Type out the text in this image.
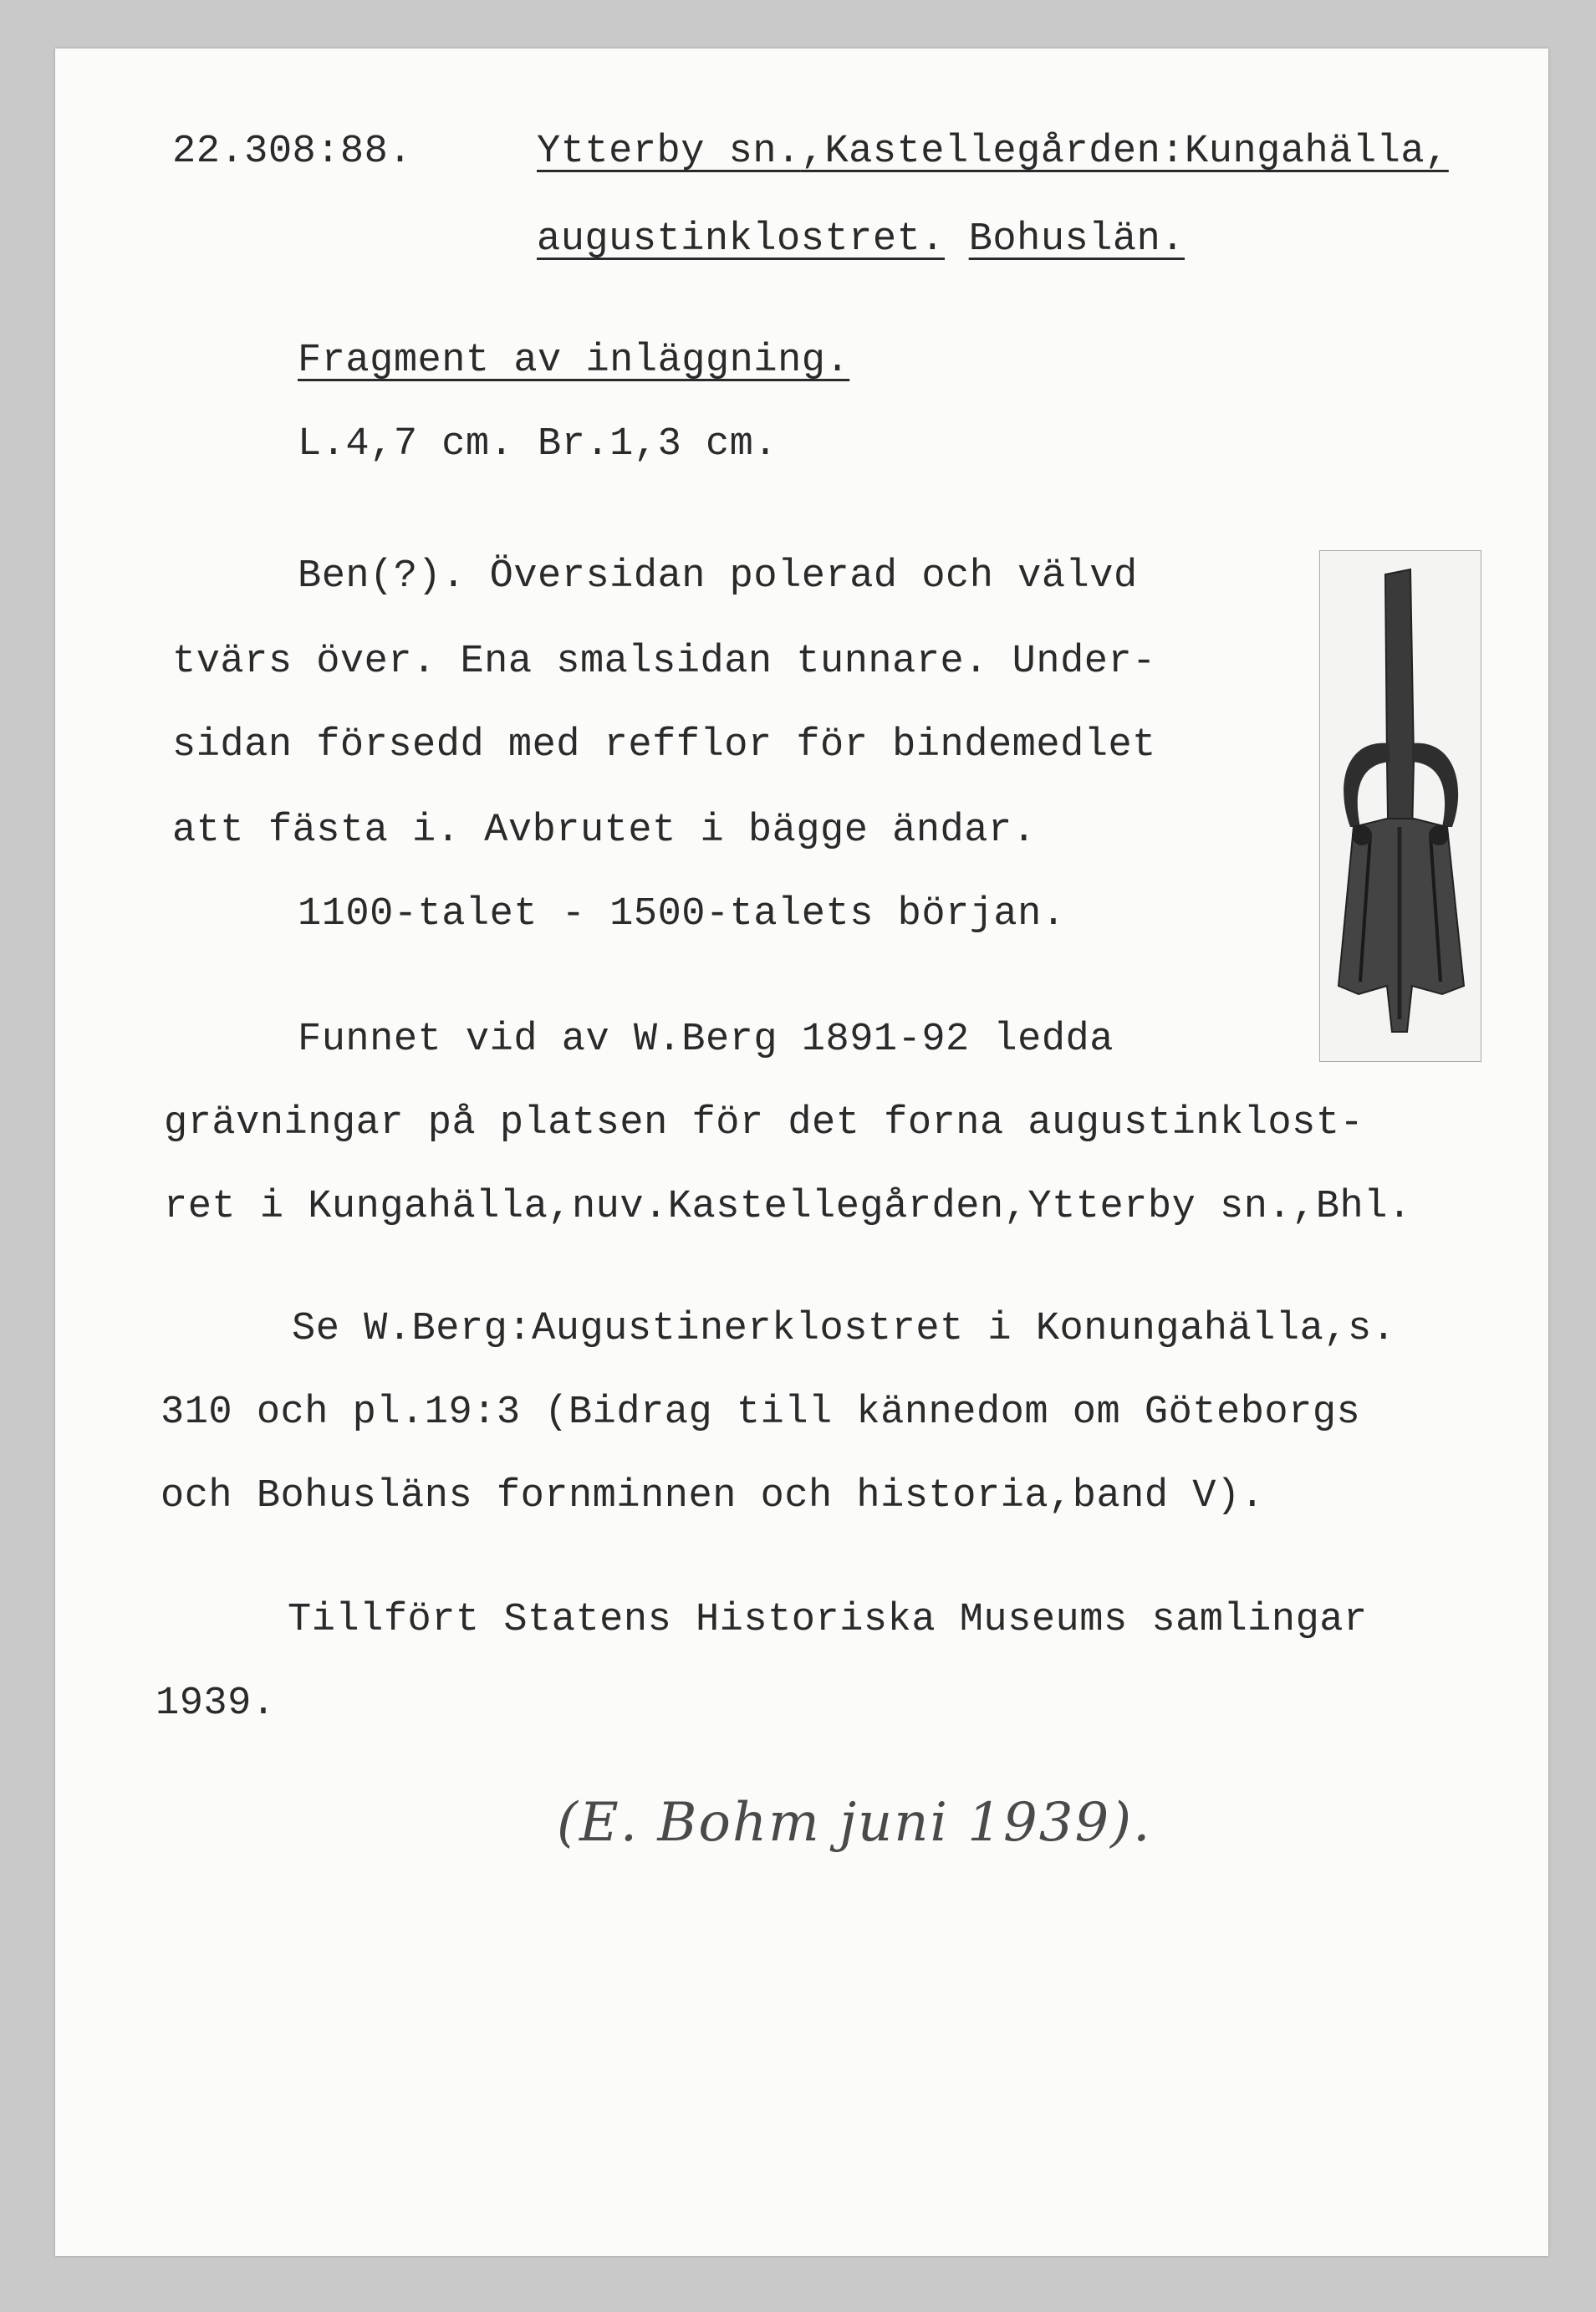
22.308:88.	Ytterby sn.,Kastellegården:Kungahälla,
augustinklostret. Bohuslän.
Fragment av inläggning.
L.4,7 cm. Br.1,3 cm.
Ben(?). Översidan polerad och välvd
tvärs över. Ena smalsidan tunnare. Under-
sidan försedd med refflor för bindemedlet
att fästa i. Avbrutet i bägge ändar.
1100-talet - 1500-talets början.
Funnet vid av W.Berg 1891-92 ledda
grävningar på platsen för det forna augustinklost-
ret i Kungahälla,nuv.Kastellegården,Ytterby sn.,Bhl.
Se W.Berg:Augustinerklostret i Konungahälla,s.
310 och pl.19:3 (Bidrag till kännedom om Göteborgs
och Bohusläns fornminnen och historia,band V).
Tillfört Statens Historiska Museums samlingar
1939.
(E. Bohm juni 1939).
